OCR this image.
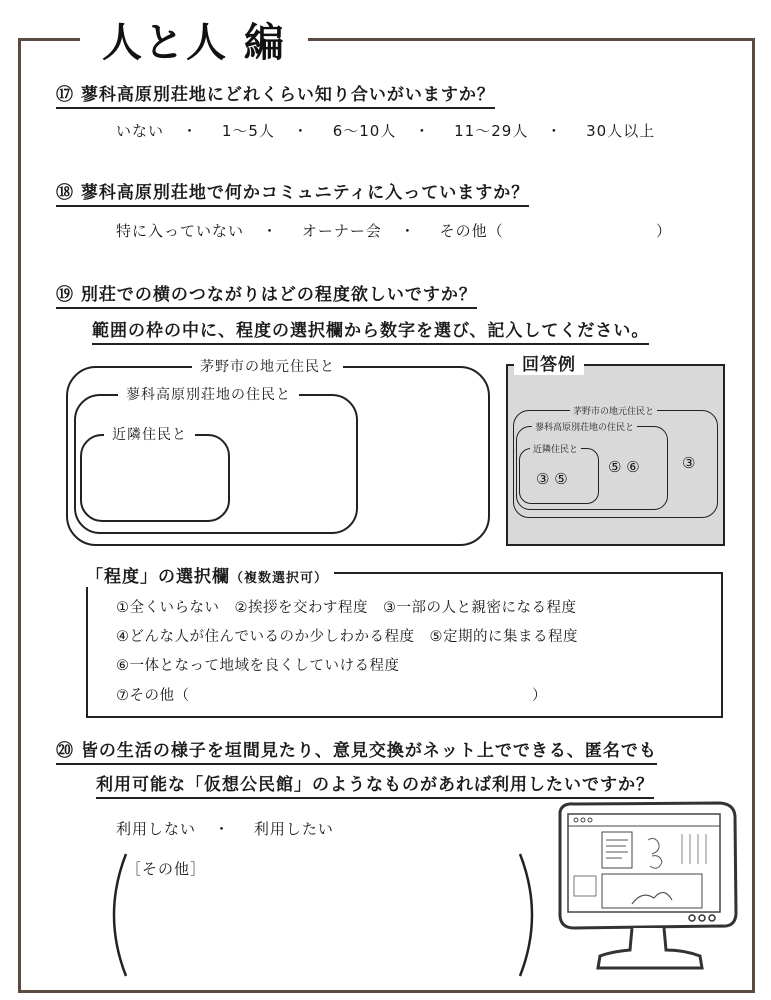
人と人 編
⑰ 蓼科高原別荘地にどれくらい知り合いがいますか？
いない ・ 1～5人 ・ 6～10人 ・ 11～29人 ・ 30人以上
⑱ 蓼科高原別荘地で何かコミュニティに入っていますか？
特に入っていない ・ オーナー会 ・ その他（	）
⑲ 別荘での横のつながりはどの程度欲しいですか？
範囲の枠の中に、程度の選択欄から数字を選び、記入してください。
茅野市の地元住民と
蓼科高原別荘地の住民と
近隣住民と
回答例
茅野市の地元住民と
蓼科高原別荘地の住民と
近隣住民と
③ ⑤
⑤ ⑥	③
「程度」の選択欄（複数選択可）
①全くいらない　②挨拶を交わす程度　③一部の人と親密になる程度
④どんな人が住んでいるのか少しわかる程度　⑤定期的に集まる程度
⑥一体となって地域を良くしていける程度
⑦その他（	）
⑳ 皆の生活の様子を垣間見たり、意見交換がネット上でできる、匿名でも
利用可能な「仮想公民館」のようなものがあれば利用したいですか？
利用しない ・ 利用したい
［その他］
